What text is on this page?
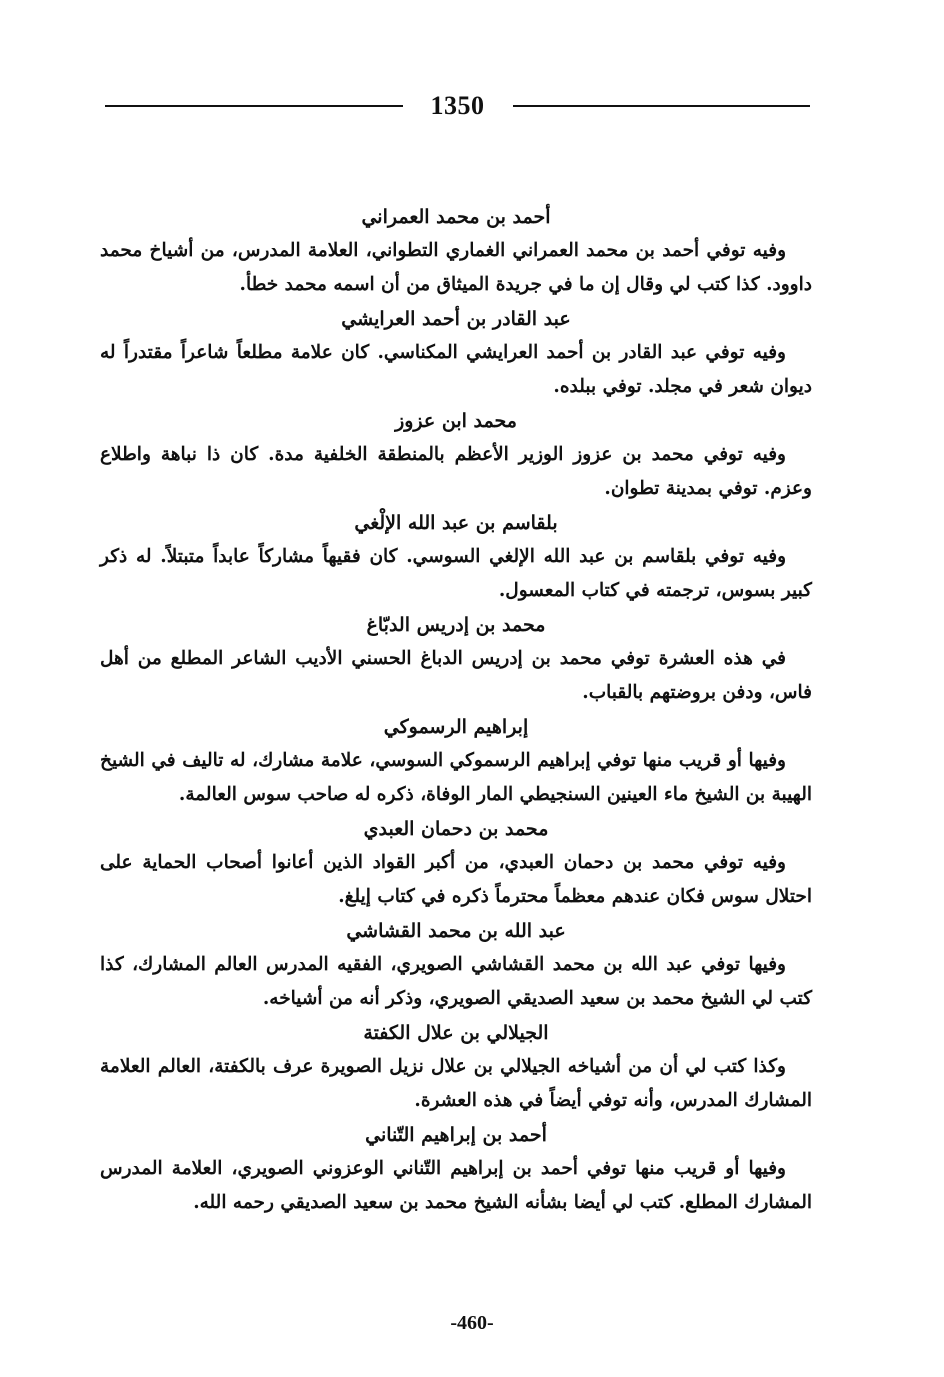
1350
أحمد بن محمد العمراني

وفيه توفي أحمد بن محمد العمراني الغماري التطواني، العلامة المدرس، من أشياخ محمد داوود. كذا كتب لي وقال إن ما في جريدة الميثاق من أن اسمه محمد خطأ.

عبد القادر بن أحمد العرايشي

وفيه توفي عبد القادر بن أحمد العرايشي المكناسي. كان علامة مطلعاً شاعراً مقتدراً له ديوان شعر في مجلد. توفي ببلده.

محمد ابن عزوز

وفيه توفي محمد بن عزوز الوزير الأعظم بالمنطقة الخلفية مدة. كان ذا نباهة واطلاع وعزم. توفي بمدينة تطوان.

بلقاسم بن عبد الله الإلْغي

وفيه توفي بلقاسم بن عبد الله الإلغي السوسي. كان فقيهاً مشاركاً عابداً متبتلاً. له ذكر كبير بسوس، ترجمته في كتاب المعسول.

محمد بن إدريس الدبّاغ

في هذه العشرة توفي محمد بن إدريس الدباغ الحسني الأديب الشاعر المطلع من أهل فاس، ودفن بروضتهم بالقباب.

إبراهيم الرسموكي

وفيها أو قريب منها توفي إبراهيم الرسموكي السوسي، علامة مشارك، له تاليف في الشيخ الهيبة بن الشيخ ماء العينين السنجيطي المار الوفاة، ذكره له صاحب سوس العالمة.

محمد بن دحمان العبدي

وفيه توفي محمد بن دحمان العبدي، من أكبر القواد الذين أعانوا أصحاب الحماية على احتلال سوس فكان عندهم معظماً محترماً ذكره في كتاب إيلغ.

عبد الله بن محمد القشاشي

وفيها توفي عبد الله بن محمد القشاشي الصويري، الفقيه المدرس العالم المشارك، كذا كتب لي الشيخ محمد بن سعيد الصديقي الصويري، وذكر أنه من أشياخه.

الجيلالي بن علال الكفتة

وكذا كتب لي أن من أشياخه الجيلالي بن علال نزيل الصويرة عرف بالكفتة، العالم العلامة المشارك المدرس، وأنه توفي أيضاً في هذه العشرة.

أحمد بن إبراهيم التّناني

وفيها أو قريب منها توفي أحمد بن إبراهيم التّناني الوعزوني الصويري، العلامة المدرس المشارك المطلع. كتب لي أيضا بشأنه الشيخ محمد بن سعيد الصديقي رحمه الله.

-460-
